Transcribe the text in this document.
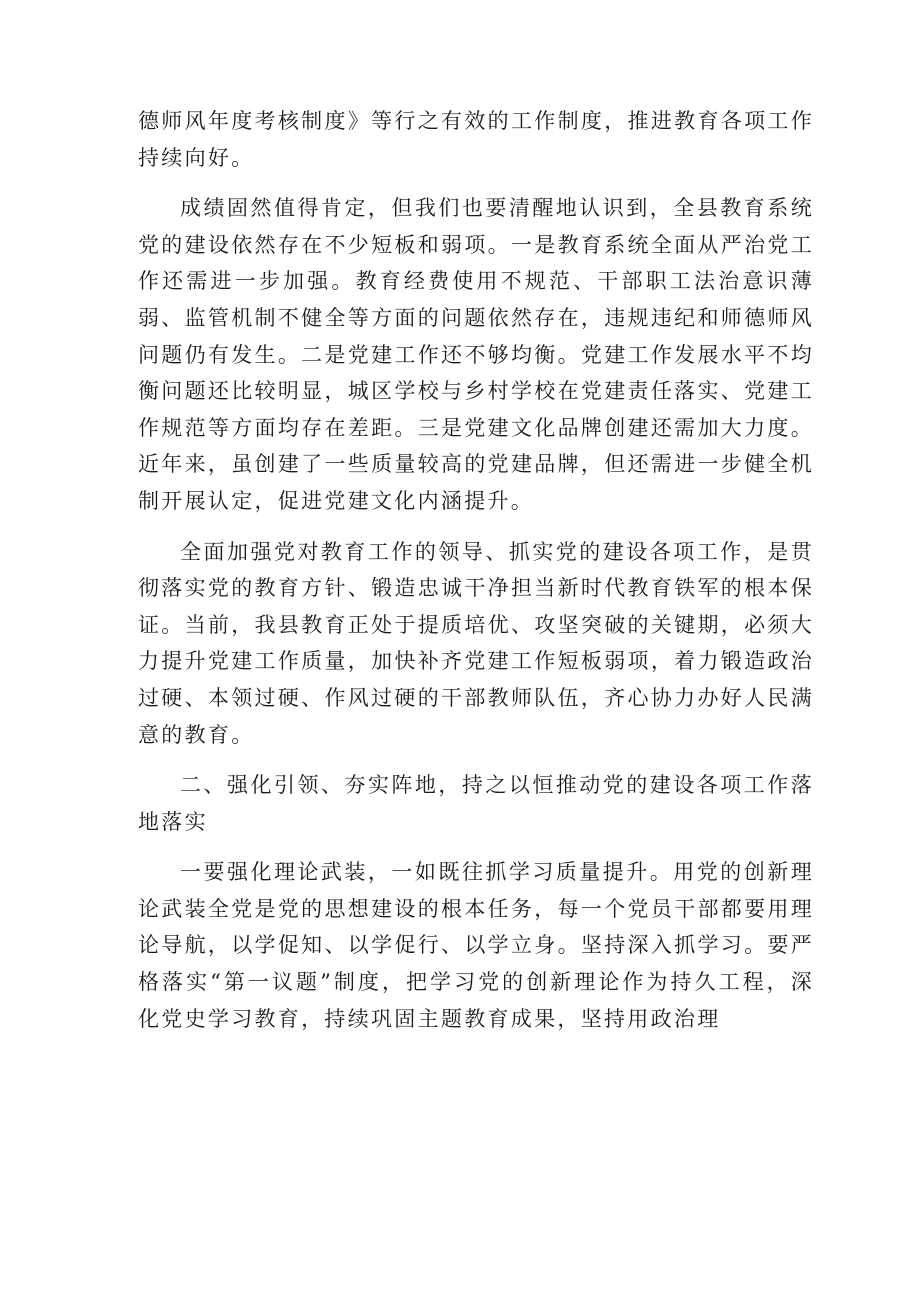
德师风年度考核制度》等行之有效的工作制度，推进教育各项工作持续向好。

成绩固然值得肯定，但我们也要清醒地认识到，全县教育系统党的建设依然存在不少短板和弱项。一是教育系统全面从严治党工作还需进一步加强。教育经费使用不规范、干部职工法治意识薄弱、监管机制不健全等方面的问题依然存在，违规违纪和师德师风问题仍有发生。二是党建工作还不够均衡。党建工作发展水平不均衡问题还比较明显，城区学校与乡村学校在党建责任落实、党建工作规范等方面均存在差距。三是党建文化品牌创建还需加大力度。近年来，虽创建了一些质量较高的党建品牌，但还需进一步健全机制开展认定，促进党建文化内涵提升。

全面加强党对教育工作的领导、抓实党的建设各项工作，是贯彻落实党的教育方针、锻造忠诚干净担当新时代教育铁军的根本保证。当前，我县教育正处于提质培优、攻坚突破的关键期，必须大力提升党建工作质量，加快补齐党建工作短板弱项，着力锻造政治过硬、本领过硬、作风过硬的干部教师队伍，齐心协力办好人民满意的教育。

二、强化引领、夯实阵地，持之以恒推动党的建设各项工作落地落实

一要强化理论武装，一如既往抓学习质量提升。用党的创新理论武装全党是党的思想建设的根本任务，每一个党员干部都要用理论导航，以学促知、以学促行、以学立身。坚持深入抓学习。要严格落实“第一议题”制度，把学习党的创新理论作为持久工程，深化党史学习教育，持续巩固主题教育成果，坚持用政治理
